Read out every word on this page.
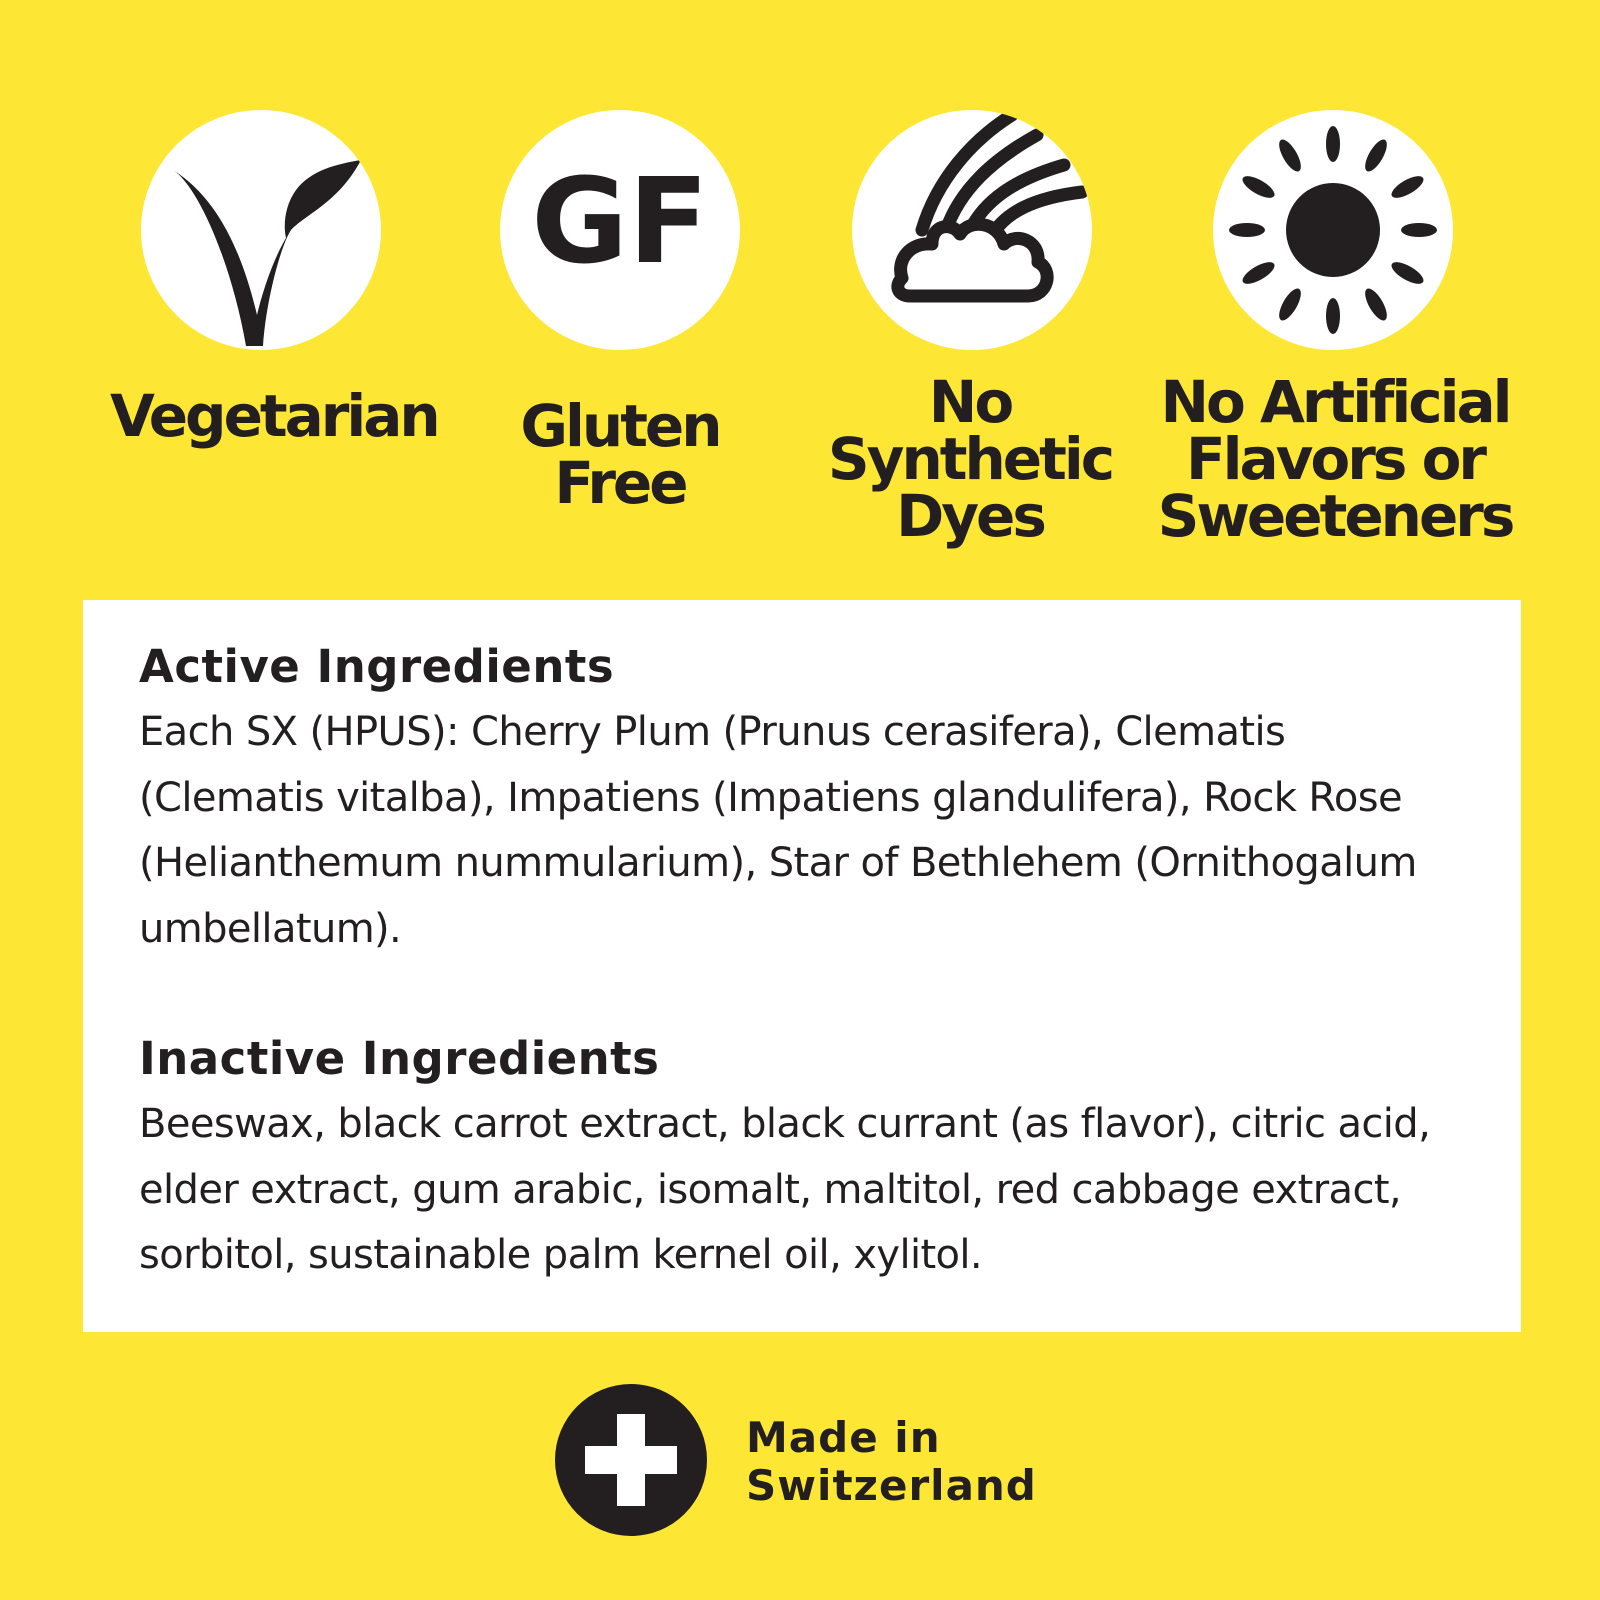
Vegetarian
GF
Gluten
Free
No
Synthetic
Dyes
No Artificial
Flavors or
Sweeteners
Active Ingredients
Each SX (HPUS): Cherry Plum (Prunus cerasifera), Clematis (Clematis vitalba), Impatiens (Impatiens glandulifera), Rock Rose (Helianthemum nummularium), Star of Bethlehem (Ornithogalum umbellatum).
Inactive Ingredients
Beeswax, black carrot extract, black currant (as flavor), citric acid, elder extract, gum arabic, isomalt, maltitol, red cabbage extract, sorbitol, sustainable palm kernel oil, xylitol.
Made in
Switzerland
